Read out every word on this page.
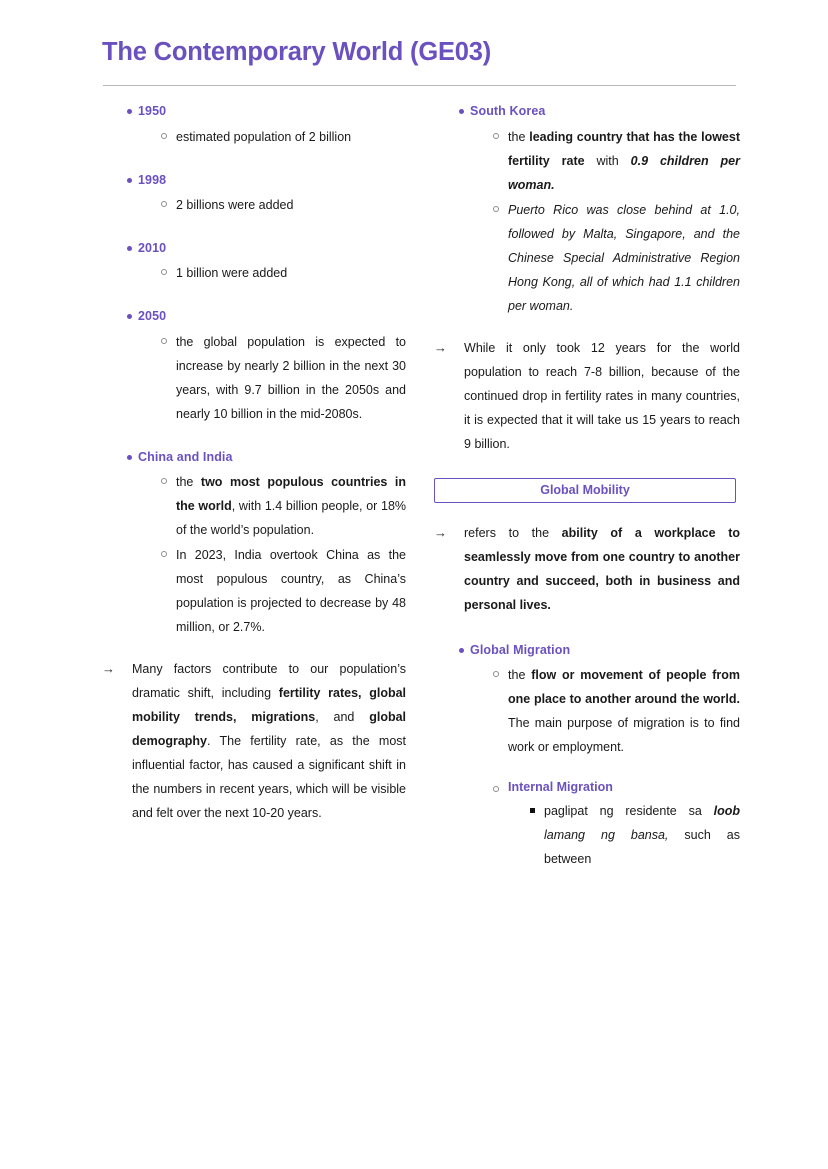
The Contemporary World (GE03)
1950
estimated population of 2 billion
1998
2 billions were added
2010
1 billion were added
2050
the global population is expected to increase by nearly 2 billion in the next 30 years, with 9.7 billion in the 2050s and nearly 10 billion in the mid-2080s.
China and India
the two most populous countries in the world, with 1.4 billion people, or 18% of the world’s population.
In 2023, India overtook China as the most populous country, as China’s population is projected to decrease by 48 million, or 2.7%.
→ Many factors contribute to our population’s dramatic shift, including fertility rates, global mobility trends, migrations, and global demography. The fertility rate, as the most influential factor, has caused a significant shift in the numbers in recent years, which will be visible and felt over the next 10-20 years.
South Korea
the leading country that has the lowest fertility rate with 0.9 children per woman.
Puerto Rico was close behind at 1.0, followed by Malta, Singapore, and the Chinese Special Administrative Region Hong Kong, all of which had 1.1 children per woman.
→ While it only took 12 years for the world population to reach 7-8 billion, because of the continued drop in fertility rates in many countries, it is expected that it will take us 15 years to reach 9 billion.
Global Mobility
→ refers to the ability of a workplace to seamlessly move from one country to another country and succeed, both in business and personal lives.
Global Migration
the flow or movement of people from one place to another around the world. The main purpose of migration is to find work or employment.
Internal Migration
paglipat ng residente sa loob lamang ng bansa, such as between
